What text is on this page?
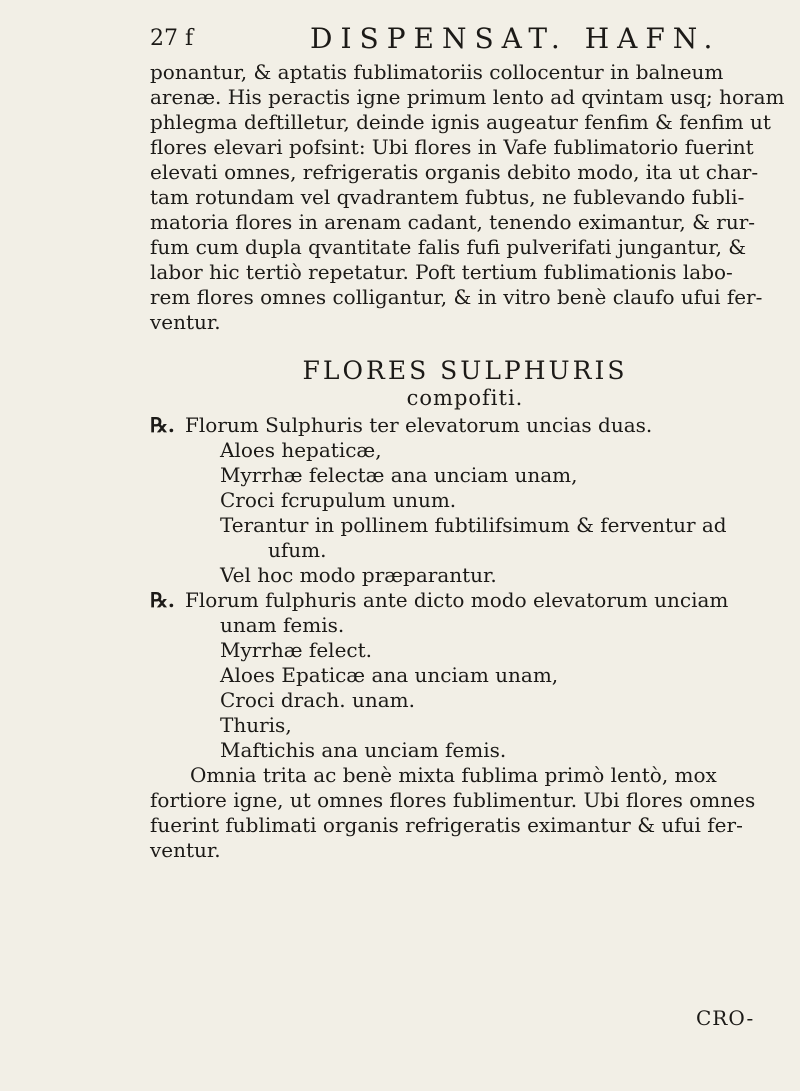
27 f	DISPENSAT. HAFN.
ponantur, & aptatis fublimatoriis collocentur in balneum
arenæ. His peractis igne primum lento ad qvintam usq; horam
phlegma deftilletur, deinde ignis augeatur fenfim & fenfim ut
flores elevari pofsint: Ubi flores in Vafe fublimatorio fuerint
elevati omnes, refrigeratis organis debito modo, ita ut char-
tam rotundam vel qvadrantem fubtus, ne fublevando fubli-
matoria flores in arenam cadant, tenendo eximantur, & rur-
fum cum dupla qvantitate falis fufi pulverifati jungantur, &
labor hic tertiò repetatur. Poft tertium fublimationis labo-
rem flores omnes colligantur, & in vitro benè claufo ufui fer-
ventur.
FLORES SULPHURIS
compofiti.
℞. Florum Sulphuris ter elevatorum uncias duas.
Aloes hepaticæ,
Myrrhæ felectæ ana unciam unam,
Croci fcrupulum unum.
Terantur in pollinem fubtilifsimum & ferventur ad
ufum.
Vel hoc modo præparantur.
℞. Florum fulphuris ante dicto modo elevatorum unciam
unam femis.
Myrrhæ felect.
Aloes Epaticæ ana unciam unam,
Croci drach. unam.
Thuris,
Maftichis ana unciam femis.
Omnia trita ac benè mixta fublima primò lentò, mox
fortiore igne, ut omnes flores fublimentur. Ubi flores omnes
fuerint fublimati organis refrigeratis eximantur & ufui fer-
ventur.
CRO-
